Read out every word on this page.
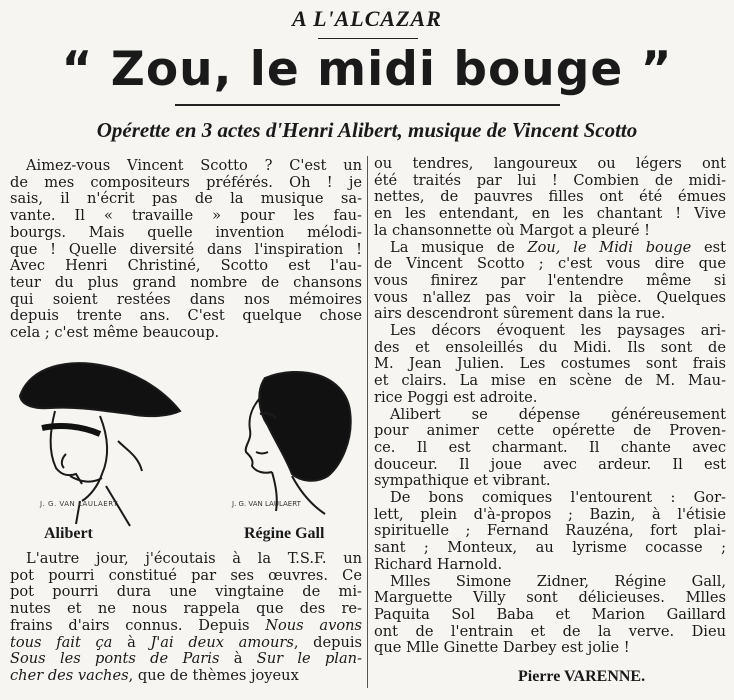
A L'ALCAZAR
“ Zou, le midi bouge ”
Opérette en 3 actes d'Henri Alibert, musique de Vincent Scotto

Aimez-vous Vincent Scotto ? C'est un

de mes compositeurs préférés. Oh ! je

sais, il n'écrit pas de la musique sa-

vante. Il « travaille » pour les fau-

bourgs. Mais quelle invention mélodi-

que ! Quelle diversité dans l'inspiration !

Avec Henri Christiné, Scotto est l'au-

teur du plus grand nombre de chansons

qui soient restées dans nos mémoires

depuis trente ans. C'est quelque chose

cela ; c'est même beaucoup.

J. G. VAN LAULAERT	J. G. VAN LAULAERT
Alibert	Régine Gall

L'autre jour, j'écoutais à la T.S.F. un

pot pourri constitué par ses œuvres. Ce

pot pourri dura une vingtaine de mi-

nutes et ne nous rappela que des re-

frains d'airs connus. Depuis Nous avons

tous fait ça à J'ai deux amours, depuis

Sous les ponts de Paris à Sur le plan-

cher des vaches, que de thèmes joyeux

ou tendres, langoureux ou légers ont

été traités par lui ! Combien de midi-

nettes, de pauvres filles ont été émues

en les entendant, en les chantant ! Vive

la chansonnette où Margot a pleuré !

La musique de Zou, le Midi bouge est

de Vincent Scotto ; c'est vous dire que

vous finirez par l'entendre même si

vous n'allez pas voir la pièce. Quelques

airs descendront sûrement dans la rue.

Les décors évoquent les paysages ari-

des et ensoleillés du Midi. Ils sont de

M. Jean Julien. Les costumes sont frais

et clairs. La mise en scène de M. Mau-

rice Poggi est adroite.

Alibert se dépense généreusement

pour animer cette opérette de Proven-

ce. Il est charmant. Il chante avec

douceur. Il joue avec ardeur. Il est

sympathique et vibrant.

De bons comiques l'entourent : Gor-

lett, plein d'à-propos ; Bazin, à l'étisie

spirituelle ; Fernand Rauzéna, fort plai-

sant ; Monteux, au lyrisme cocasse ;

Richard Harnold.

Mlles Simone Zidner, Régine Gall,

Marguette Villy sont délicieuses. Mlles

Paquita Sol Baba et Marion Gaillard

ont de l'entrain et de la verve. Dieu

que Mlle Ginette Darbey est jolie !

Pierre VARENNE.
